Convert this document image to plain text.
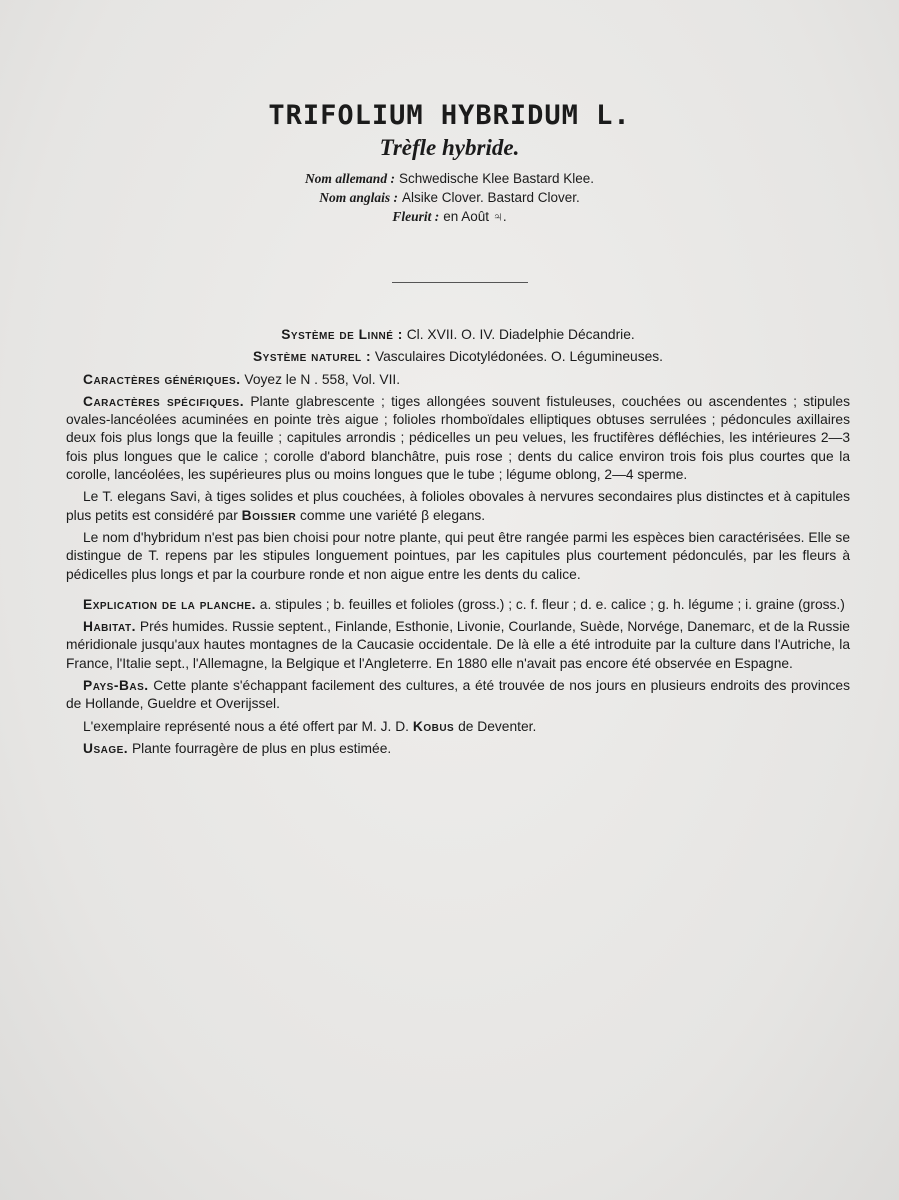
TRIFOLIUM HYBRIDUM L.
Trèfle hybride.
Nom allemand : Schwedische Klee Bastard Klee.
Nom anglais : Alsike Clover. Bastard Clover.
Fleurit : en Août ♃.
Système de Linné : Cl. XVII. O. IV. Diadelphie Décandrie.
Système naturel : Vasculaires Dicotylédonées. O. Légumineuses.

Caractères génériques. Voyez le N . 558, Vol. VII.

Caractères spécifiques. Plante glabrescente ; tiges allongées souvent fistuleuses, couchées ou ascendentes ; stipules ovales-lancéolées acuminées en pointe très aigue ; folioles rhomboïdales elliptiques obtuses serrulées ; pédoncules axillaires deux fois plus longs que la feuille ; capitules arrondis ; pédicelles un peu velues, les fructifères défléchies, les intérieures 2—3 fois plus longues que le calice ; corolle d'abord blanchâtre, puis rose ; dents du calice environ trois fois plus courtes que la corolle, lancéolées, les supérieures plus ou moins longues que le tube ; légume oblong, 2—4 sperme.

Le T. elegans Savi, à tiges solides et plus couchées, à folioles obovales à nervures secondaires plus distinctes et à capitules plus petits est considéré par Boissier comme une variété β elegans.

Le nom d'hybridum n'est pas bien choisi pour notre plante, qui peut être rangée parmi les espèces bien caractérisées. Elle se distingue de T. repens par les stipules longuement pointues, par les capitules plus courtement pédonculés, par les fleurs à pédicelles plus longs et par la courbure ronde et non aigue entre les dents du calice.

Explication de la planche. a. stipules ; b. feuilles et folioles (gross.) ; c. f. fleur ; d. e. calice ; g. h. légume ; i. graine (gross.)

Habitat. Prés humides. Russie septent., Finlande, Esthonie, Livonie, Courlande, Suède, Norvége, Danemarc, et de la Russie méridionale jusqu'aux hautes montagnes de la Caucasie occidentale. De là elle a été introduite par la culture dans l'Autriche, la France, l'Italie sept., l'Allemagne, la Belgique et l'Angleterre. En 1880 elle n'avait pas encore été observée en Espagne.

Pays-Bas. Cette plante s'échappant facilement des cultures, a été trouvée de nos jours en plusieurs endroits des provinces de Hollande, Gueldre et Overijssel.

L'exemplaire représenté nous a été offert par M. J. D. Kobus de Deventer.

Usage. Plante fourragère de plus en plus estimée.
